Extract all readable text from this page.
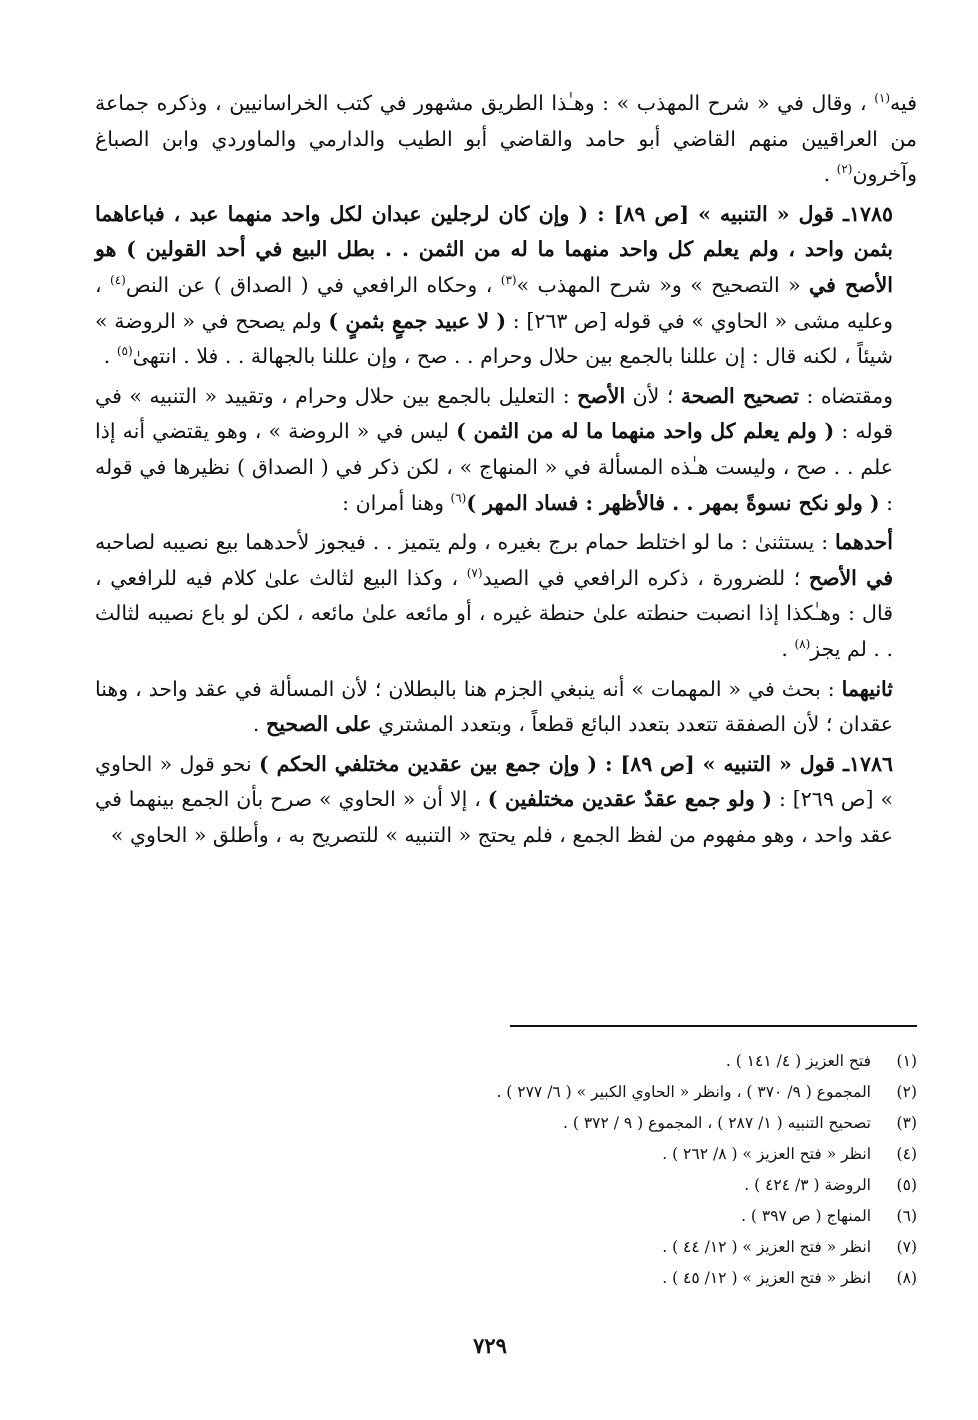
فيه$^{(١)}$ ، وقال في « شرح المهذب » : وهـٰذا الطريق مشهور في كتب الخراسانيين ، وذكره جماعة من العراقيين منهم القاضي أبو حامد والقاضي أبو الطيب والدارمي والماوردي وابن الصباغ وآخرون$^{(٢)}$ .

١٧٨٥ـ قول « التنبيه » [ص ٨٩] : ( وإن كان لرجلين عبدان لكل واحد منهما عبد ، فباعاهما بثمن واحد ، ولم يعلم كل واحد منهما ما له من الثمن . . بطل البيع في أحد القولين ) هو الأصح في « التصحيح » و« شرح المهذب »$^{(٣)}$ ، وحكاه الرافعي في ( الصداق ) عن النص$^{(٤)}$ ، وعليه مشى « الحاوي » في قوله [ص ٢٦٣] : ( لا عبيد جمعٍ بثمنٍ ) ولم يصحح في « الروضة » شيئاً ، لكنه قال : إن عللنا بالجمع بين حلال وحرام . . صح ، وإن عللنا بالجهالة . . فلا . انتهىٰ$^{(٥)}$ .

ومقتضاه : تصحيح الصحة ؛ لأن الأصح : التعليل بالجمع بين حلال وحرام ، وتقييد « التنبيه » في قوله : ( ولم يعلم كل واحد منهما ما له من الثمن ) ليس في « الروضة » ، وهو يقتضي أنه إذا علم . . صح ، وليست هـٰذه المسألة في « المنهاج » ، لكن ذكر في ( الصداق ) نظيرها في قوله : ( ولو نكح نسوةً بمهر . . فالأظهر : فساد المهر )$^{(٦)}$ وهنا أمران :

أحدهما : يستثنىٰ : ما لو اختلط حمام برج بغيره ، ولم يتميز . . فيجوز لأحدهما بيع نصيبه لصاحبه في الأصح ؛ للضرورة ، ذكره الرافعي في الصيد$^{(٧)}$ ، وكذا البيع لثالث علىٰ كلام فيه للرافعي ، قال : وهـٰكذا إذا انصبت حنطته علىٰ حنطة غيره ، أو مائعه علىٰ مائعه ، لكن لو باع نصيبه لثالث . . لم يجز$^{(٨)}$ .

ثانيهما : بحث في « المهمات » أنه ينبغي الجزم هنا بالبطلان ؛ لأن المسألة في عقد واحد ، وهنا عقدان ؛ لأن الصفقة تتعدد بتعدد البائع قطعاً ، وبتعدد المشتري على الصحيح .

١٧٨٦ـ قول « التنبيه » [ص ٨٩] : ( وإن جمع بين عقدين مختلفي الحكم ) نحو قول « الحاوي » [ص ٢٦٩] : ( ولو جمع عقدٌ عقدين مختلفين ) ، إلا أن « الحاوي » صرح بأن الجمع بينهما في عقد واحد ، وهو مفهوم من لفظ الجمع ، فلم يحتج « التنبيه » للتصريح به ، وأطلق « الحاوي »

(١)
فتح العزيز ( ٤/ ١٤١ ) .
(٢)
المجموع ( ٩/ ٣٧٠ ) ، وانظر « الحاوي الكبير » ( ٦/ ٢٧٧ ) .
(٣)
تصحيح التنبيه ( ١/ ٢٨٧ ) ، المجموع ( ٩ / ٣٧٢ ) .
(٤)
انظر « فتح العزيز » ( ٨/ ٢٦٢ ) .
(٥)
الروضة ( ٣/ ٤٢٤ ) .
(٦)
المنهاج ( ص ٣٩٧ ) .
(٧)
انظر « فتح العزيز » ( ١٢/ ٤٤ ) .
(٨)
انظر « فتح العزيز » ( ١٢/ ٤٥ ) .
٧٢٩
